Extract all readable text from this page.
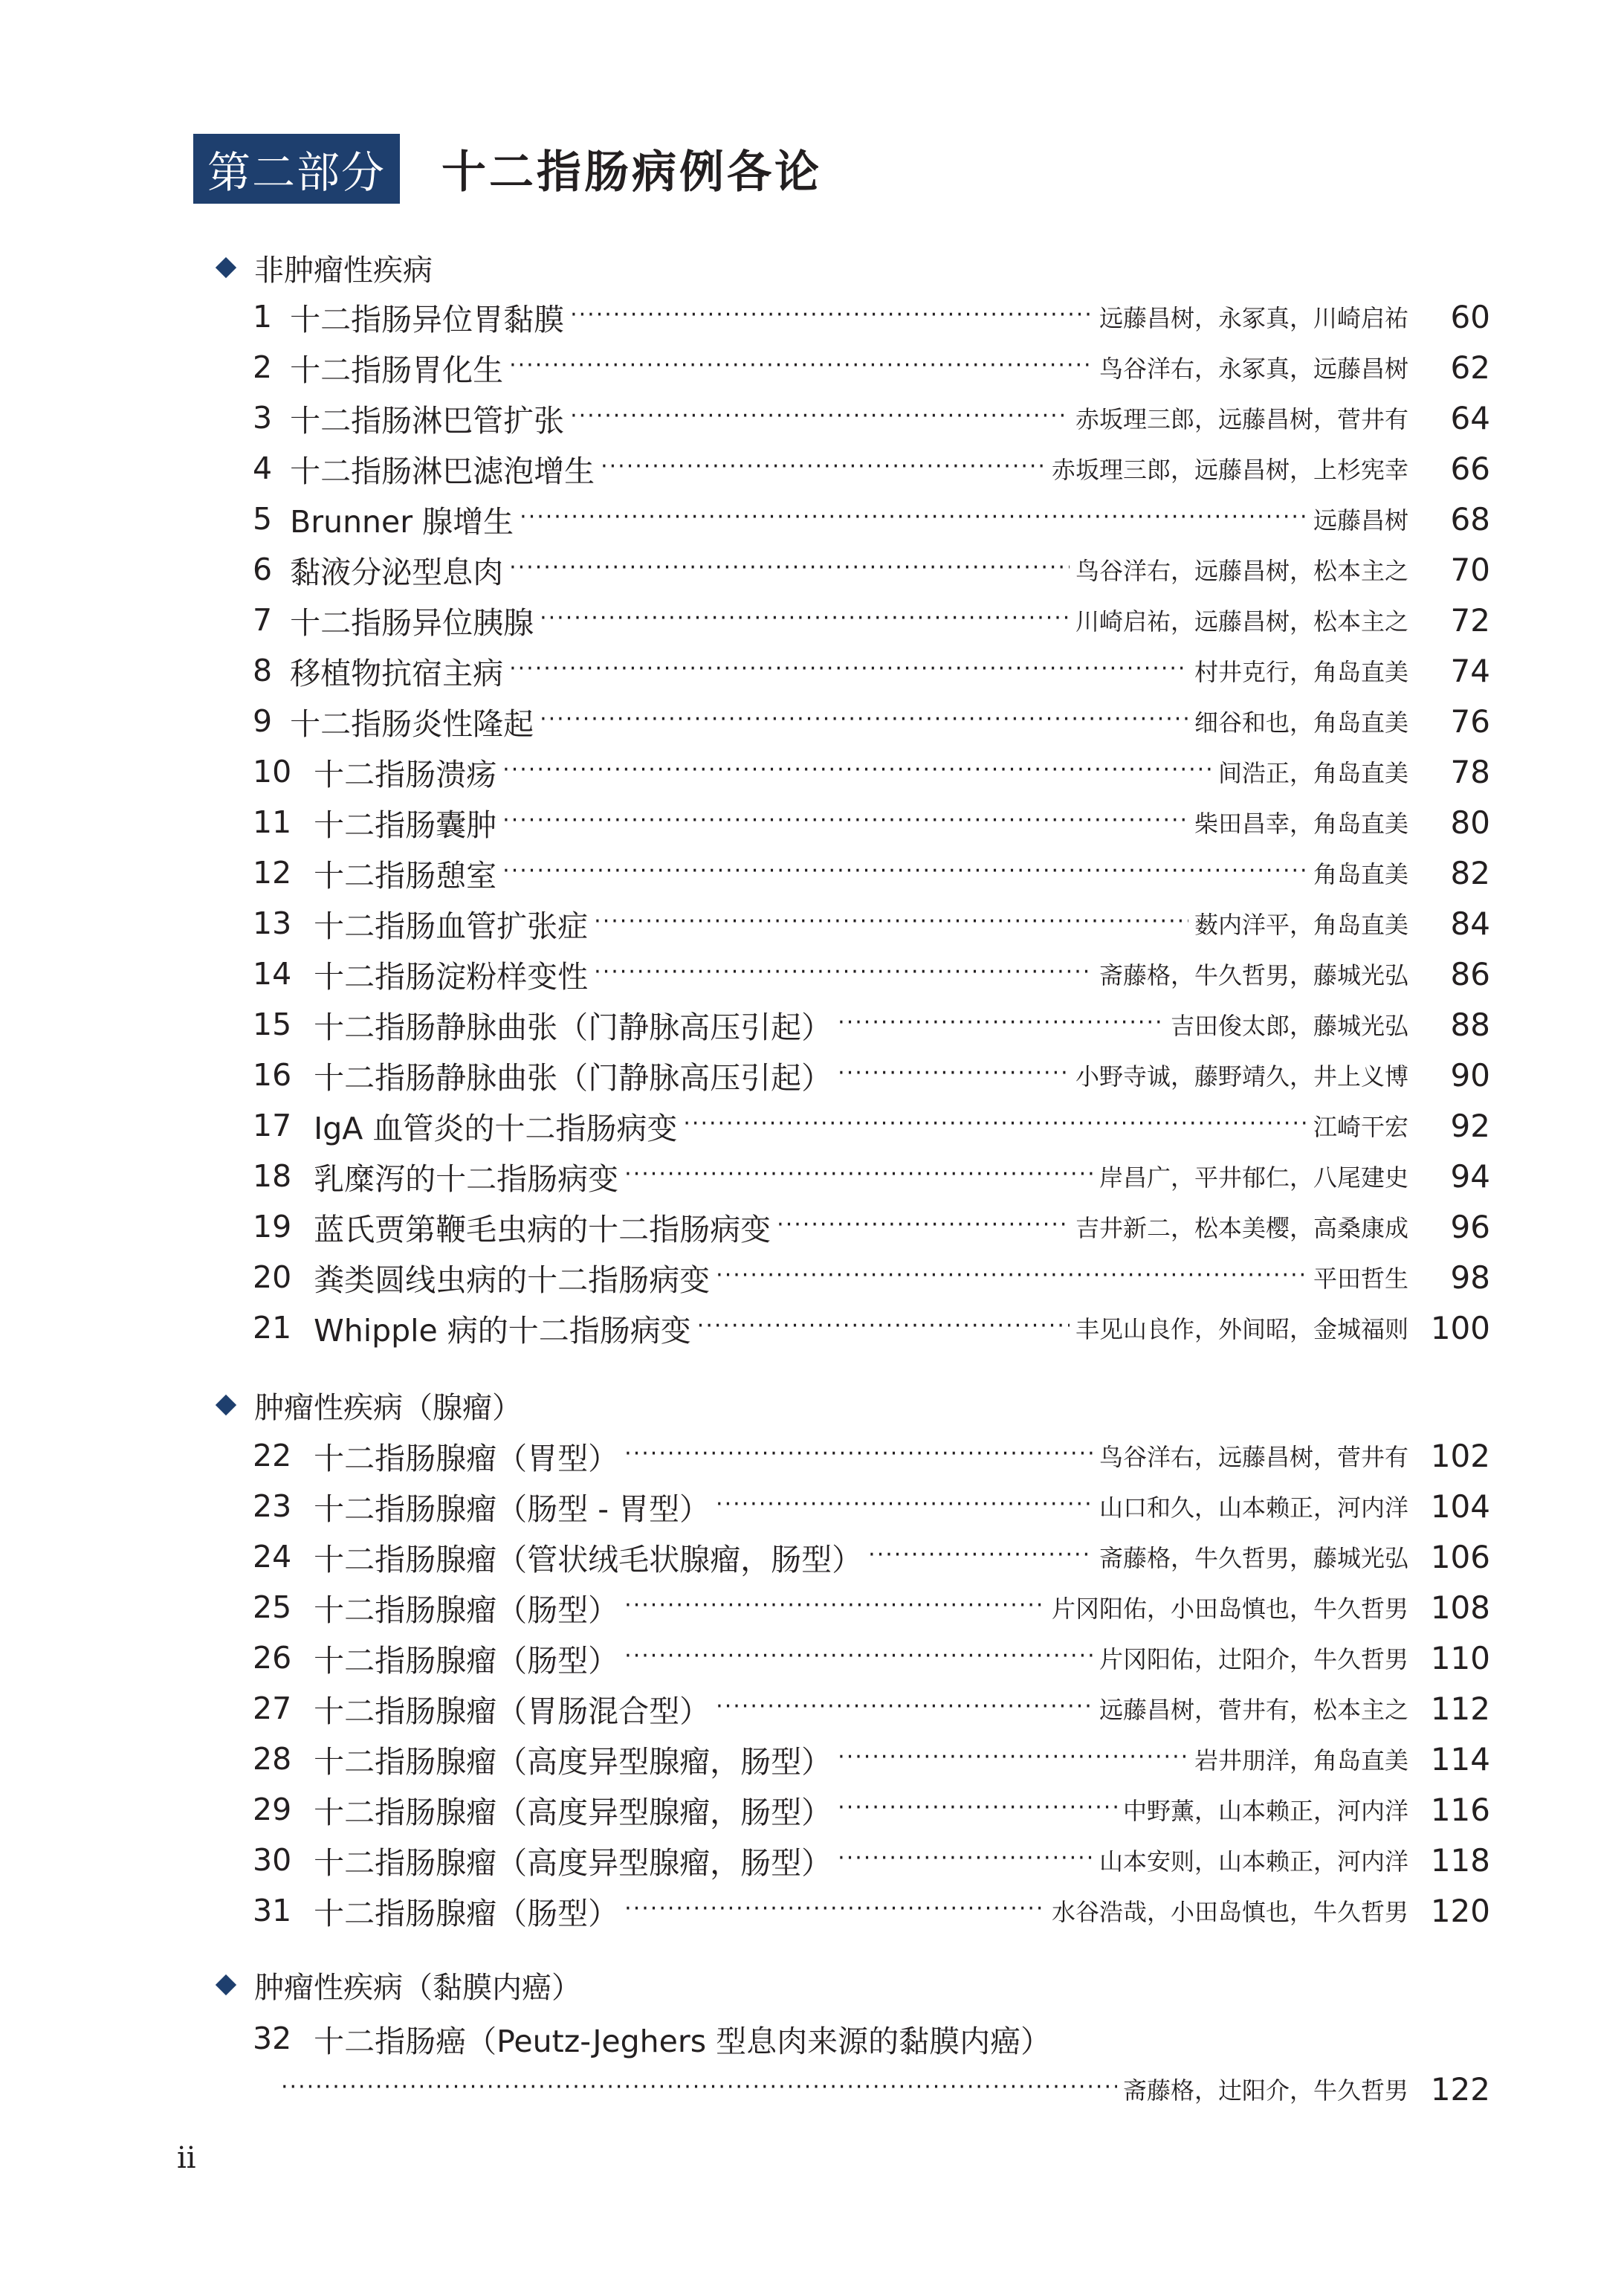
第二部分	十二指肠病例各论
非肿瘤性疾病
1 十二指肠异位胃黏膜 ·····	远藤昌树，永冢真，川崎启祐	60
2 十二指肠胃化生 ·····	鸟谷洋右，永冢真，远藤昌树	62
3 十二指肠淋巴管扩张 ·····	赤坂理三郎，远藤昌树，菅井有	64
4 十二指肠淋巴滤泡增生 ·····	赤坂理三郎，远藤昌树，上杉宪幸	66
5 Brunner 腺增生 ·····	远藤昌树	68
6 黏液分泌型息肉 ·····	鸟谷洋右，远藤昌树，松本主之	70
7 十二指肠异位胰腺 ·····	川崎启祐，远藤昌树，松本主之	72
8 移植物抗宿主病 ·····	村井克行，角岛直美	74
9 十二指肠炎性隆起 ·····	细谷和也，角岛直美	76
10 十二指肠溃疡 ·····	间浩正，角岛直美	78
11 十二指肠囊肿 ·····	柴田昌幸，角岛直美	80
12 十二指肠憩室 ·····	角岛直美	82
13 十二指肠血管扩张症 ·····	薮内洋平，角岛直美	84
14 十二指肠淀粉样变性 ·····	斋藤格，牛久哲男，藤城光弘	86
15 十二指肠静脉曲张（门静脉高压引起） ·····	吉田俊太郎，藤城光弘	88
16 十二指肠静脉曲张（门静脉高压引起） ·····	小野寺诚，藤野靖久，井上义博	90
17 IgA 血管炎的十二指肠病变 ·····	江崎干宏	92
18 乳糜泻的十二指肠病变 ·····	岸昌广，平井郁仁，八尾建史	94
19 蓝氏贾第鞭毛虫病的十二指肠病变 ·····	吉井新二，松本美樱，高桑康成	96
20 粪类圆线虫病的十二指肠病变 ·····	平田哲生	98
21 Whipple 病的十二指肠病变 ·····	丰见山良作，外间昭，金城福则 100
肿瘤性疾病（腺瘤）
22 十二指肠腺瘤（胃型） ·····	鸟谷洋右，远藤昌树，菅井有 102
23 十二指肠腺瘤（肠型 - 胃型） ·····	山口和久，山本赖正，河内洋 104
24 十二指肠腺瘤（管状绒毛状腺瘤，肠型） ·····	斋藤格，牛久哲男，藤城光弘 106
25 十二指肠腺瘤（肠型） ·····	片冈阳佑，小田岛慎也，牛久哲男 108
26 十二指肠腺瘤（肠型） ·····	片冈阳佑，辻阳介，牛久哲男 110
27 十二指肠腺瘤（胃肠混合型） ·····	远藤昌树，菅井有，松本主之 112
28 十二指肠腺瘤（高度异型腺瘤，肠型） ·····	岩井朋洋，角岛直美 114
29 十二指肠腺瘤（高度异型腺瘤，肠型） ·····	中野薰，山本赖正，河内洋 116
30 十二指肠腺瘤（高度异型腺瘤，肠型） ·····	山本安则，山本赖正，河内洋 118
31 十二指肠腺瘤（肠型） ·····	水谷浩哉，小田岛慎也，牛久哲男 120
肿瘤性疾病（黏膜内癌）
32 十二指肠癌（Peutz-Jeghers 型息肉来源的黏膜内癌）
·····
斋藤格，辻阳介，牛久哲男 122
ii
